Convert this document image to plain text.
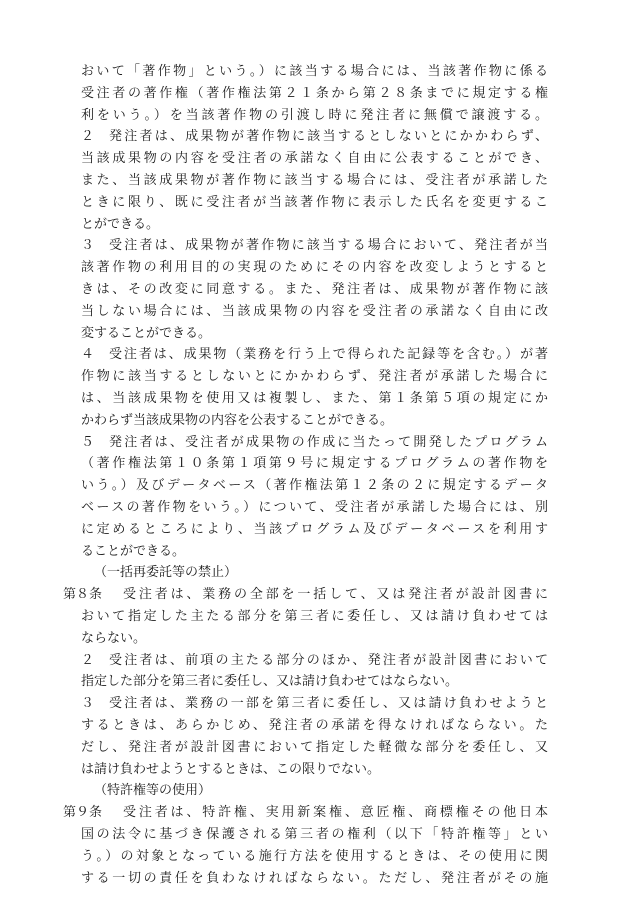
おいて「著作物」という。）に該当する場合には、当該著作物に係る
受注者の著作権（著作権法第２１条から第２８条までに規定する権
利をいう。）を当該著作物の引渡し時に発注者に無償で譲渡する。
２	発注者は、成果物が著作物に該当するとしないとにかかわらず、
当該成果物の内容を受注者の承諾なく自由に公表することができ、
また、当該成果物が著作物に該当する場合には、受注者が承諾した
ときに限り、既に受注者が当該著作物に表示した氏名を変更するこ
とができる。
３	受注者は、成果物が著作物に該当する場合において、発注者が当
該著作物の利用目的の実現のためにその内容を改変しようとすると
きは、その改変に同意する。また、発注者は、成果物が著作物に該
当しない場合には、当該成果物の内容を受注者の承諾なく自由に改
変することができる。
４	受注者は、成果物（業務を行う上で得られた記録等を含む。）が著
作物に該当するとしないとにかかわらず、発注者が承諾した場合に
は、当該成果物を使用又は複製し、また、第１条第５項の規定にか
かわらず当該成果物の内容を公表することができる。
５	発注者は、受注者が成果物の作成に当たって開発したプログラム
（著作権法第１０条第１項第９号に規定するプログラムの著作物を
いう。）及びデータベース（著作権法第１２条の２に規定するデータ
ベースの著作物をいう。）について、受注者が承諾した場合には、別
に定めるところにより、当該プログラム及びデータベースを利用す
ることができる。
（一括再委託等の禁止）
第８条	受注者は、業務の全部を一括して、又は発注者が設計図書に
おいて指定した主たる部分を第三者に委任し、又は請け負わせては
ならない。
２	受注者は、前項の主たる部分のほか、発注者が設計図書において
指定した部分を第三者に委任し、又は請け負わせてはならない。
３	受注者は、業務の一部を第三者に委任し、又は請け負わせようと
するときは、あらかじめ、発注者の承諾を得なければならない。た
だし、発注者が設計図書において指定した軽微な部分を委任し、又
は請け負わせようとするときは、この限りでない。
（特許権等の使用）
第９条	受注者は、特許権、実用新案権、意匠権、商標権その他日本
国の法令に基づき保護される第三者の権利（以下「特許権等」とい
う。）の対象となっている施行方法を使用するときは、その使用に関
する一切の責任を負わなければならない。ただし、発注者がその施
